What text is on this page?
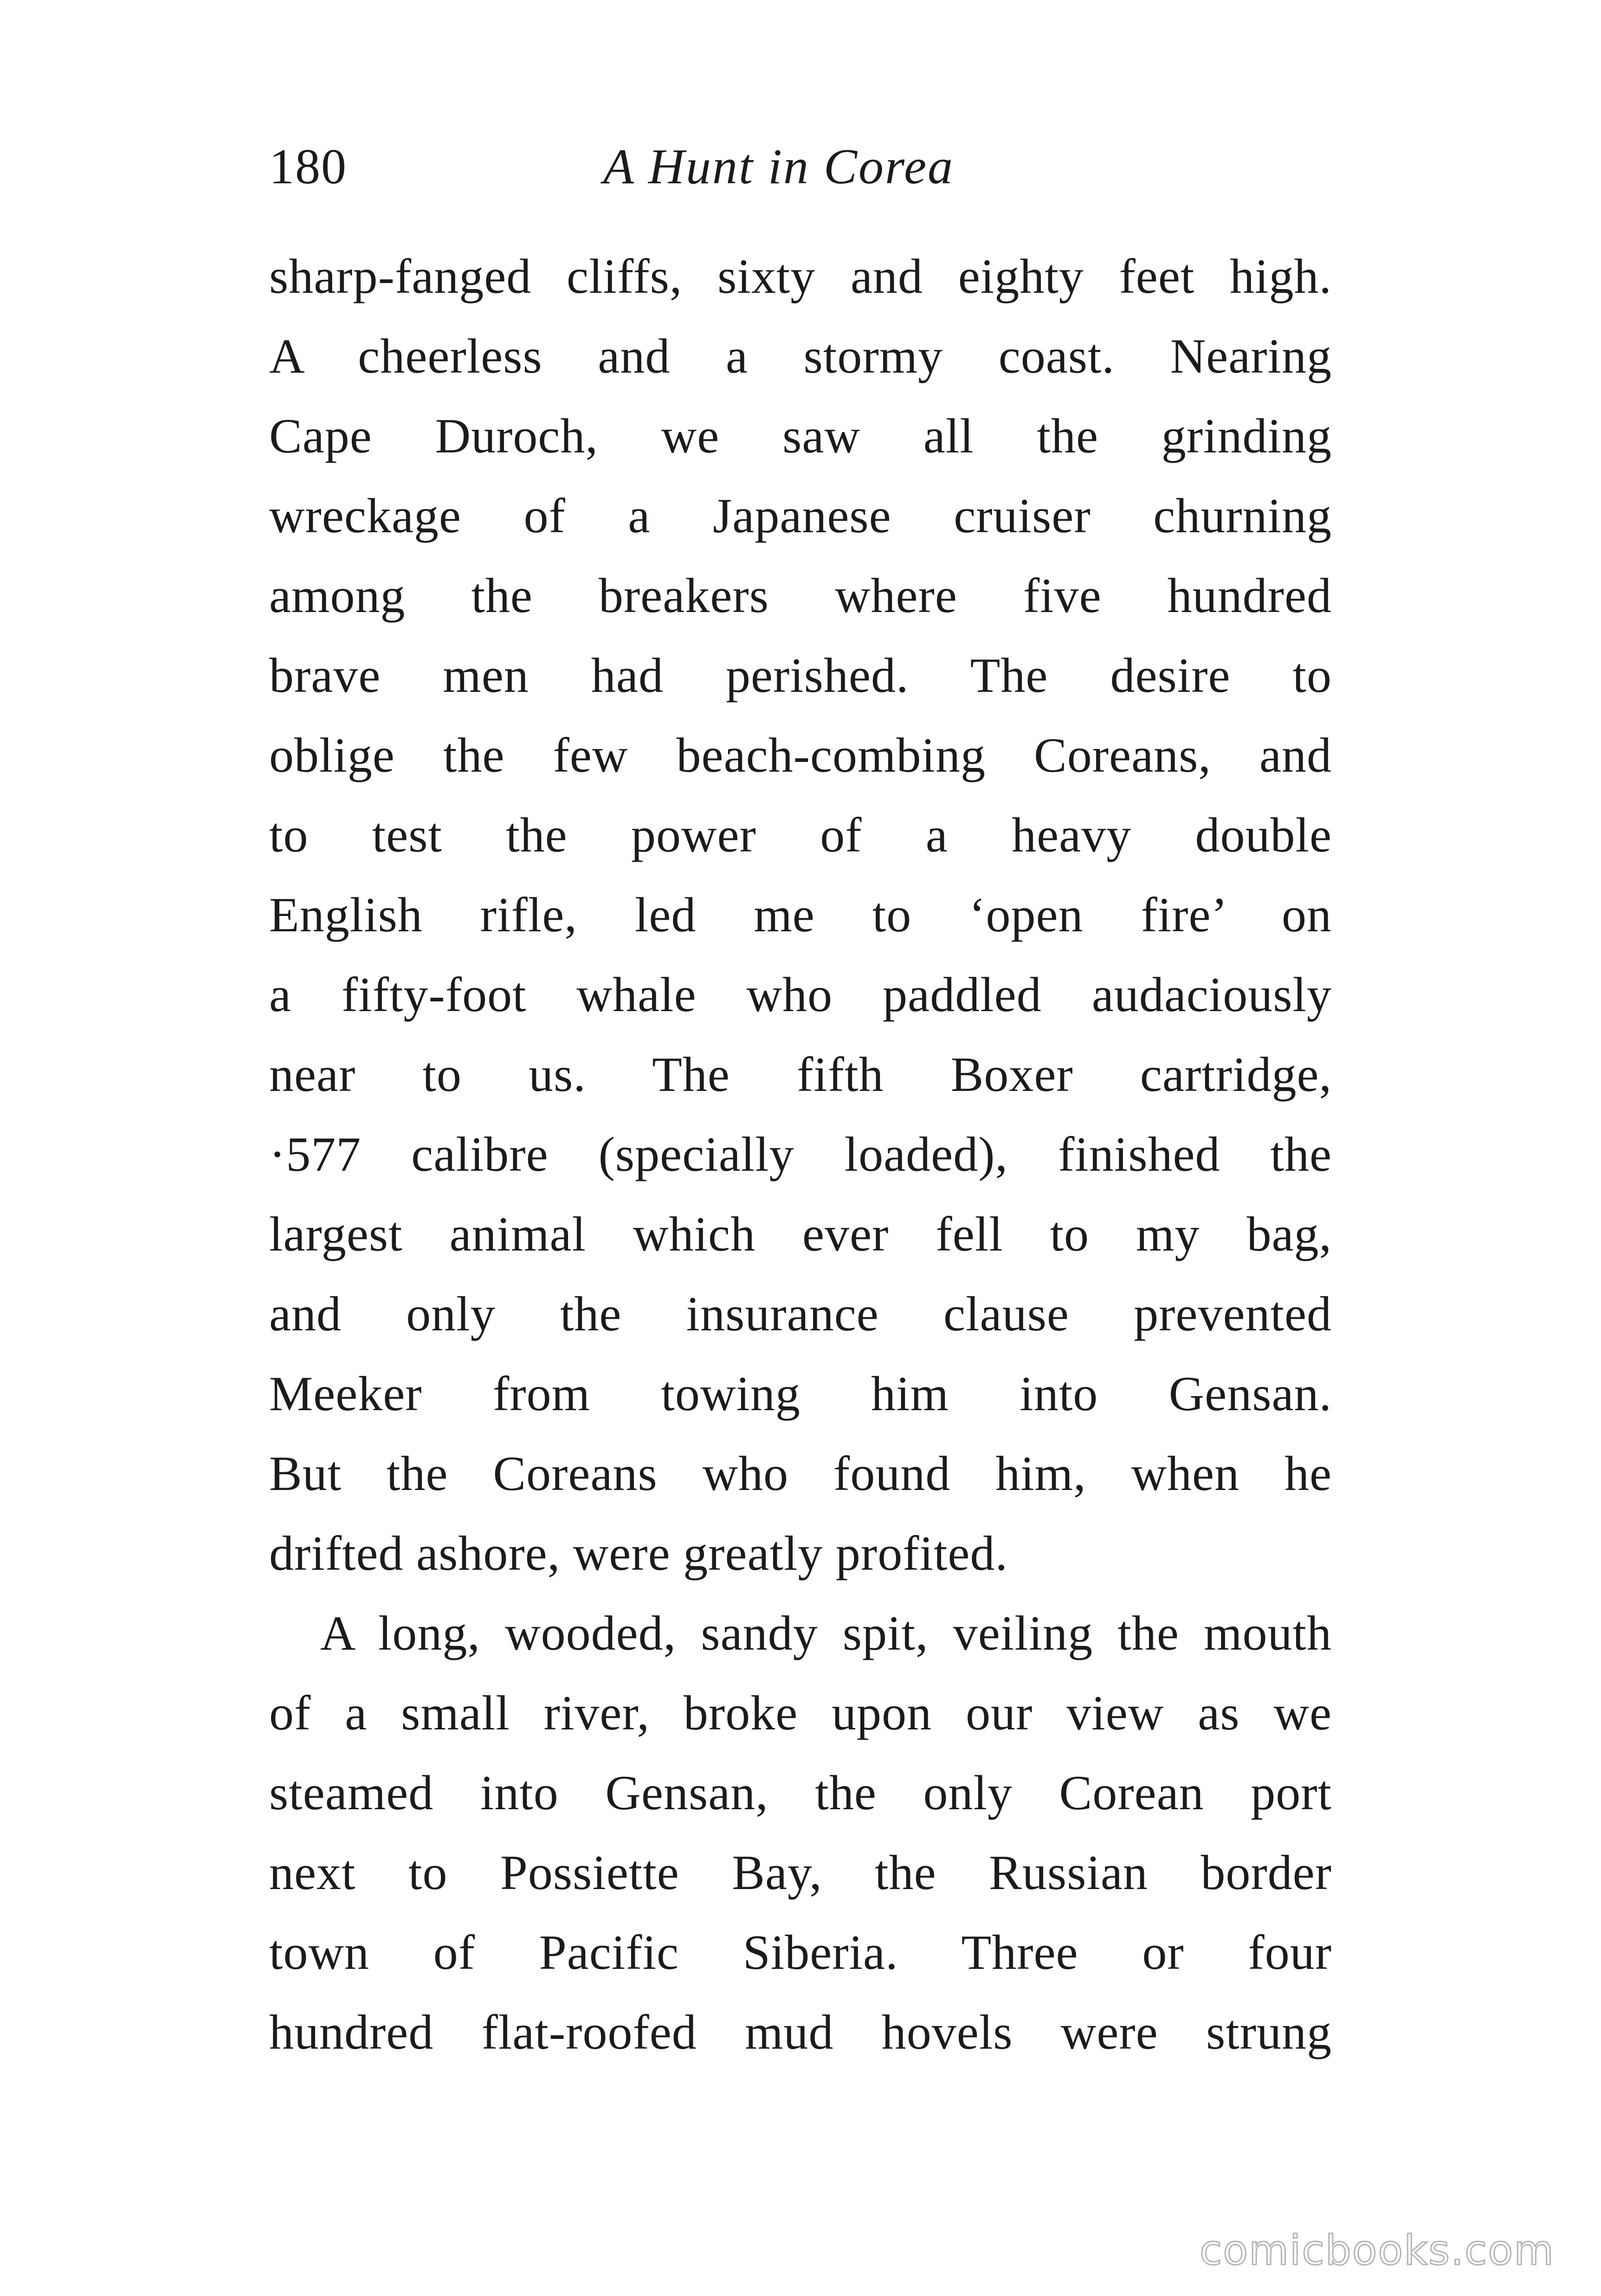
180	A Hunt in Corea
sharp-fanged cliffs, sixty and eighty feet high.
A cheerless and a stormy coast. Nearing
Cape Duroch, we saw all the grinding
wreckage of a Japanese cruiser churning
among the breakers where five hundred
brave men had perished. The desire to
oblige the few beach-combing Coreans, and
to test the power of a heavy double
English rifle, led me to ‘open fire’ on
a fifty-foot whale who paddled audaciously
near to us. The fifth Boxer cartridge,
·577 calibre (specially loaded), finished the
largest animal which ever fell to my bag,
and only the insurance clause prevented
Meeker from towing him into Gensan.
But the Coreans who found him, when he
drifted ashore, were greatly profited.
A long, wooded, sandy spit, veiling the mouth
of a small river, broke upon our view as we
steamed into Gensan, the only Corean port
next to Possiette Bay, the Russian border
town of Pacific Siberia. Three or four
hundred flat-roofed mud hovels were strung
comicbooks.com
